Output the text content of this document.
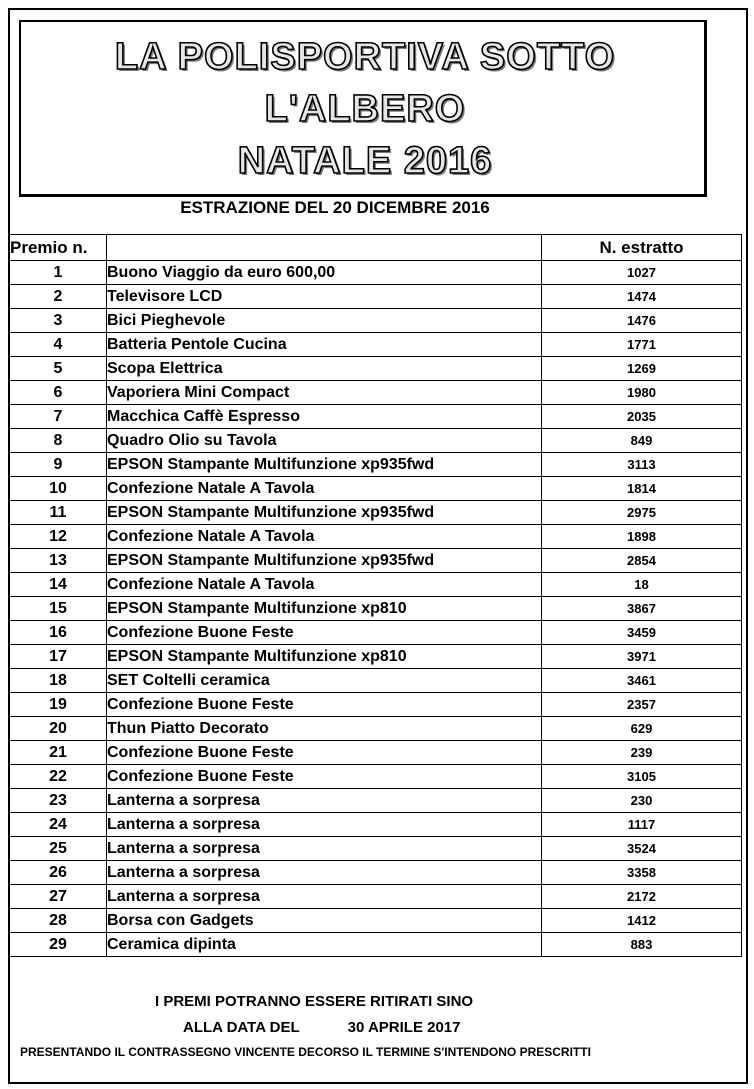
LA POLISPORTIVA SOTTO
L'ALBERO
NATALE 2016
ESTRAZIONE DEL 20 DICEMBRE 2016
Premio n.		N. estratto
1	Buono Viaggio da euro 600,00	1027
2	Televisore LCD	1474
3	Bici Pieghevole	1476
4	Batteria Pentole Cucina	1771
5	Scopa Elettrica	1269
6	Vaporiera Mini Compact	1980
7	Macchica Caffè Espresso	2035
8	Quadro Olio su Tavola	849
9	EPSON Stampante Multifunzione xp935fwd	3113
10	Confezione Natale A Tavola	1814
11	EPSON Stampante Multifunzione xp935fwd	2975
12	Confezione Natale A Tavola	1898
13	EPSON Stampante Multifunzione xp935fwd	2854
14	Confezione Natale A Tavola	18
15	EPSON Stampante Multifunzione xp810	3867
16	Confezione Buone Feste	3459
17	EPSON Stampante Multifunzione xp810	3971
18	SET Coltelli ceramica	3461
19	Confezione Buone Feste	2357
20	Thun Piatto Decorato	629
21	Confezione Buone Feste	239
22	Confezione Buone Feste	3105
23	Lanterna a sorpresa	230
24	Lanterna a sorpresa	1117
25	Lanterna a sorpresa	3524
26	Lanterna a sorpresa	3358
27	Lanterna a sorpresa	2172
28	Borsa con Gadgets	1412
29	Ceramica dipinta	883
I PREMI POTRANNO ESSERE RITIRATI SINO
ALLA DATA DEL	30 APRILE 2017
PRESENTANDO IL CONTRASSEGNO VINCENTE DECORSO IL TERMINE S'INTENDONO PRESCRITTI
